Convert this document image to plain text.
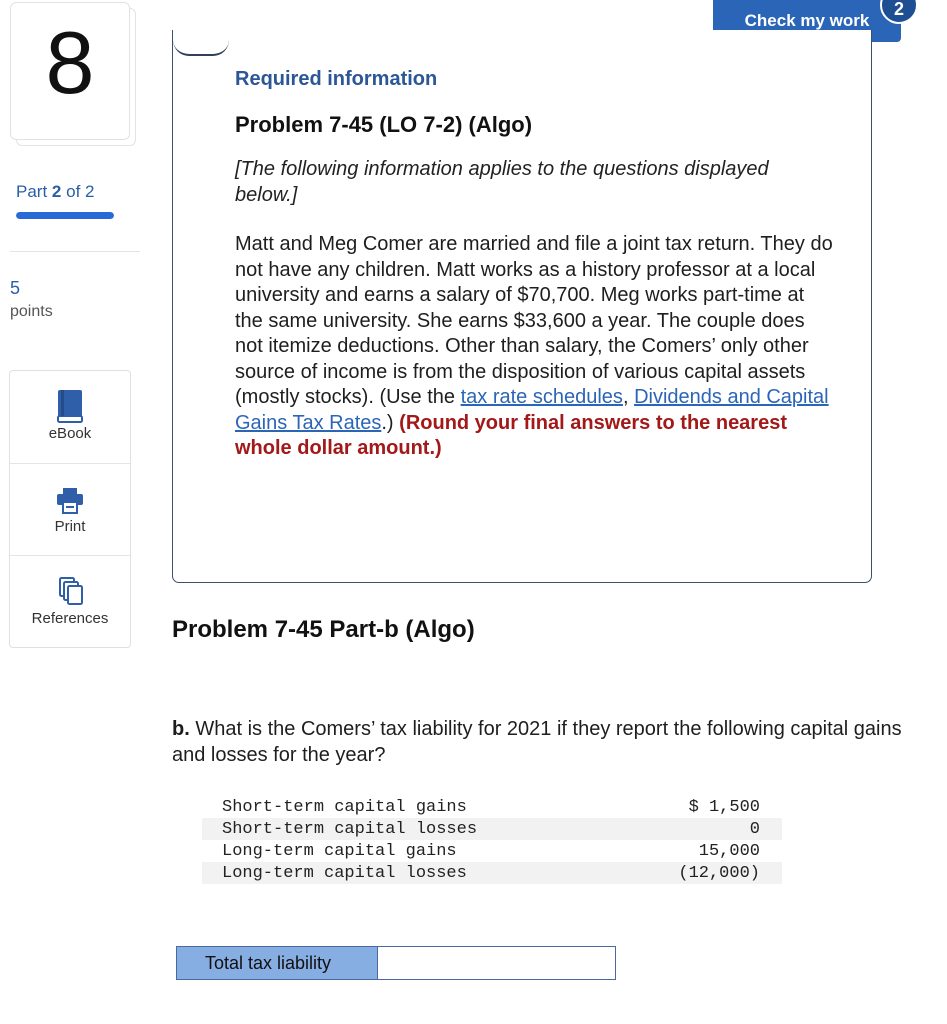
8
Part 2 of 2
5
points
eBook
Print
References
Check my work
2
Required information
Problem 7-45 (LO 7-2) (Algo)
[The following information applies to the questions displayed below.]
Matt and Meg Comer are married and file a joint tax return. They do not have any children. Matt works as a history professor at a local university and earns a salary of $70,700. Meg works part-time at the same university. She earns $33,600 a year. The couple does not itemize deductions. Other than salary, the Comers’ only other source of income is from the disposition of various capital assets (mostly stocks). (Use the tax rate schedules, Dividends and Capital Gains Tax Rates.) (Round your final answers to the nearest whole dollar amount.)
Problem 7-45 Part-b (Algo)
b. What is the Comers’ tax liability for 2021 if they report the following capital gains and losses for the year?
Short-term capital gains	$ 1,500
Short-term capital losses	0
Long-term capital gains	15,000
Long-term capital losses	(12,000)
Total tax liability
